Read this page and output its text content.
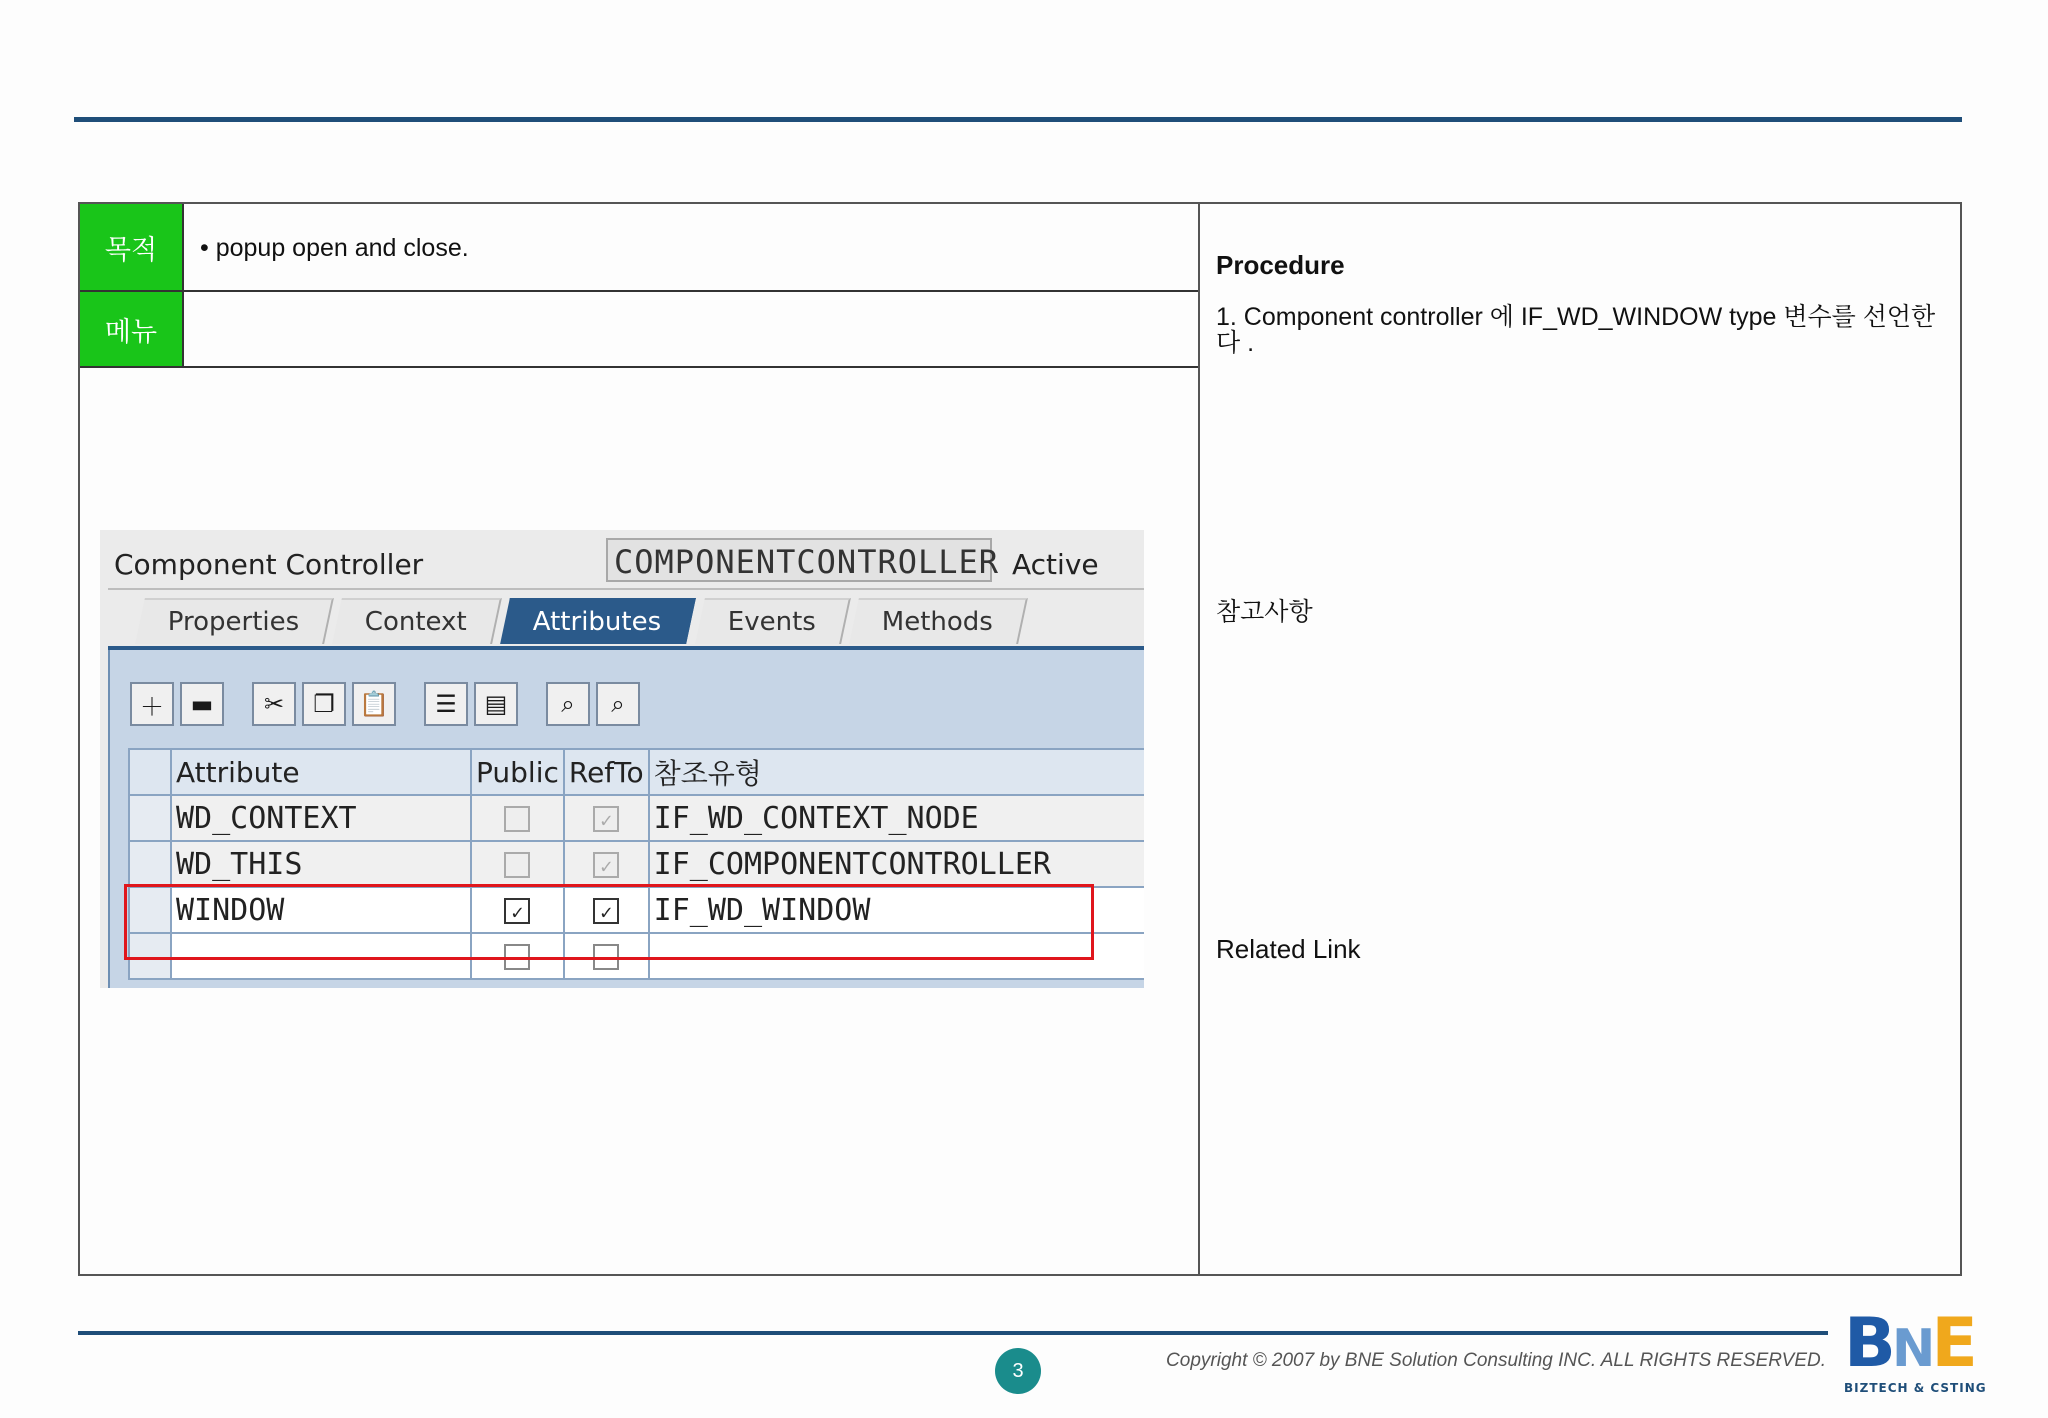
목적	• popup open and close.
메뉴
Procedure
1. Component controller 에 IF_WD_WINDOW type 변수를 선언한다 .
참고사항
Related Link
Component Controller	COMPONENTCONTROLLER Active
Properties	Context	Attributes	Events	Methods
＋	▬	✂	❐	📋	☰	▤	⌕	⌕
	Attribute	Public	RefTo	참조유형
	WD_CONTEXT		✓	IF_WD_CONTEXT_NODE
	WD_THIS		✓	IF_COMPONENTCONTROLLER
	WINDOW	✓	✓	IF_WD_WINDOW

3	Copyright © 2007 by BNE Solution Consulting INC. ALL RIGHTS RESERVED. BNE
BIZTECH & CSTING
